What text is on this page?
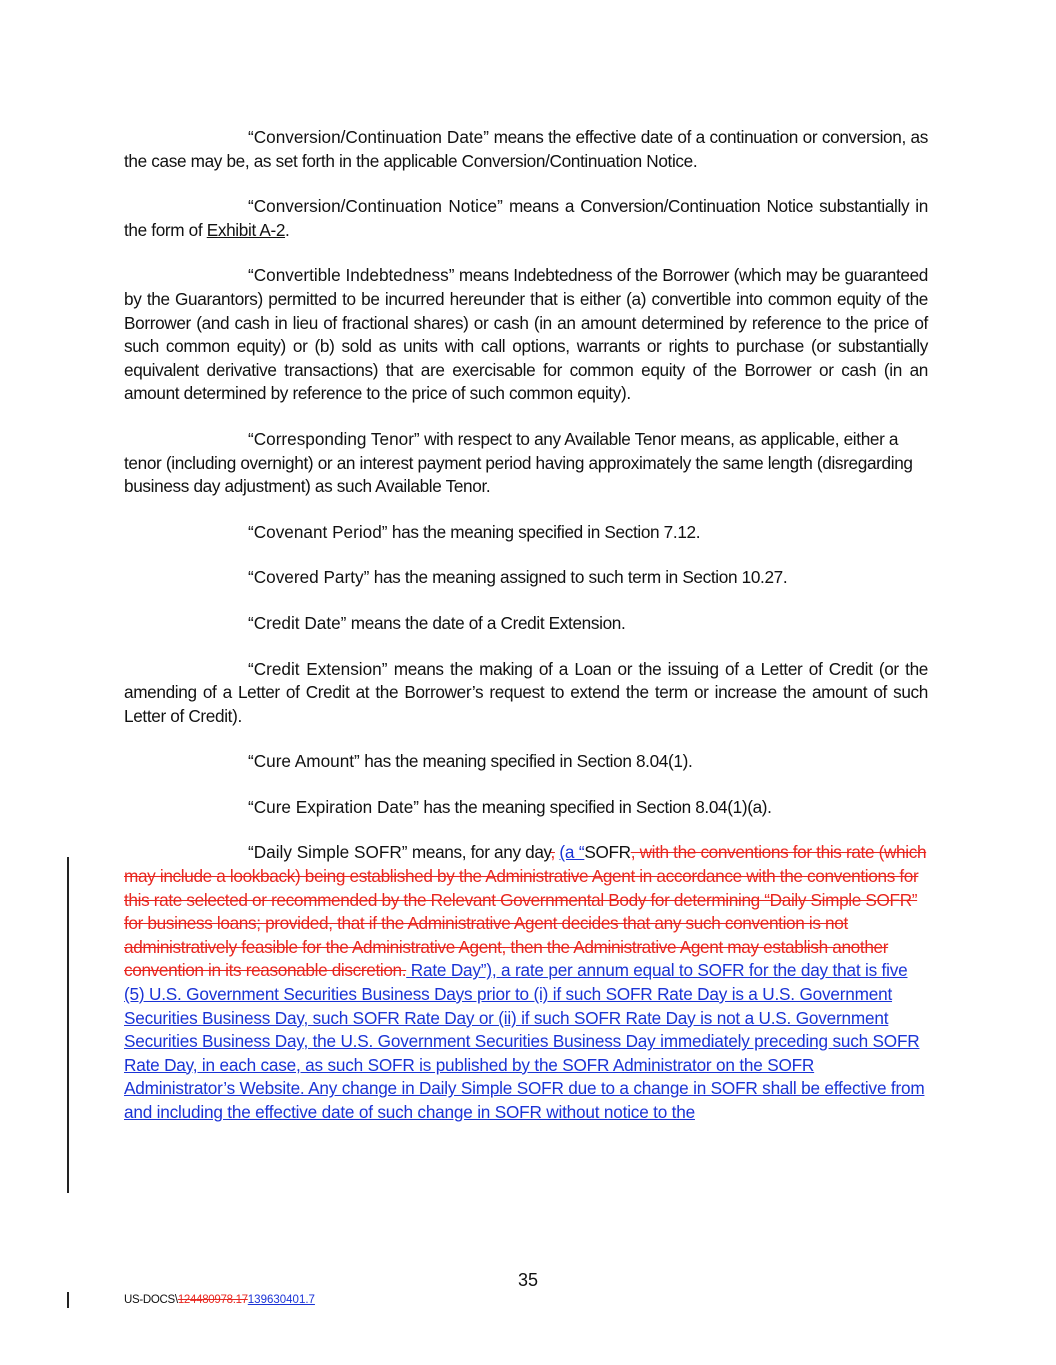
“Conversion/Continuation Date” means the effective date of a continuation or conversion, as the case may be, as set forth in the applicable Conversion/Continuation Notice.

“Conversion/Continuation Notice” means a Conversion/Continuation Notice substantially in the form of Exhibit A-2.

“Convertible Indebtedness” means Indebtedness of the Borrower (which may be guaranteed by the Guarantors) permitted to be incurred hereunder that is either (a) convertible into common equity of the Borrower (and cash in lieu of fractional shares) or cash (in an amount determined by reference to the price of such common equity) or (b) sold as units with call options, warrants or rights to purchase (or substantially equivalent derivative transactions) that are exercisable for common equity of the Borrower or cash (in an amount determined by reference to the price of such common equity).

“Corresponding Tenor” with respect to any Available Tenor means, as applicable, either a tenor (including overnight) or an interest payment period having approximately the same length (disregarding business day adjustment) as such Available Tenor.

“Covenant Period” has the meaning specified in Section 7.12.

“Covered Party” has the meaning assigned to such term in Section 10.27.

“Credit Date” means the date of a Credit Extension.

“Credit Extension” means the making of a Loan or the issuing of a Letter of Credit (or the amending of a Letter of Credit at the Borrower’s request to extend the term or increase the amount of such Letter of Credit).

“Cure Amount” has the meaning specified in Section 8.04(1).

“Cure Expiration Date” has the meaning specified in Section 8.04(1)(a).

“Daily Simple SOFR” means, for any day, (a “SOFR, with the conventions for this rate (which may include a lookback) being established by the Administrative Agent in accordance with the conventions for this rate selected or recommended by the Relevant Governmental Body for determining “Daily Simple SOFR” for business loans; provided, that if the Administrative Agent decides that any such convention is not administratively feasible for the Administrative Agent, then the Administrative Agent may establish another convention in its reasonable discretion. Rate Day”), a rate per annum equal to SOFR for the day that is five (5) U.S. Government Securities Business Days prior to (i) if such SOFR Rate Day is a U.S. Government Securities Business Day, such SOFR Rate Day or (ii) if such SOFR Rate Day is not a U.S. Government Securities Business Day, the U.S. Government Securities Business Day immediately preceding such SOFR Rate Day, in each case, as such SOFR is published by the SOFR Administrator on the SOFR Administrator’s Website. Any change in Daily Simple SOFR due to a change in SOFR shall be effective from and including the effective date of such change in SOFR without notice to the

35
US-DOCS\124480978.17139630401.7
